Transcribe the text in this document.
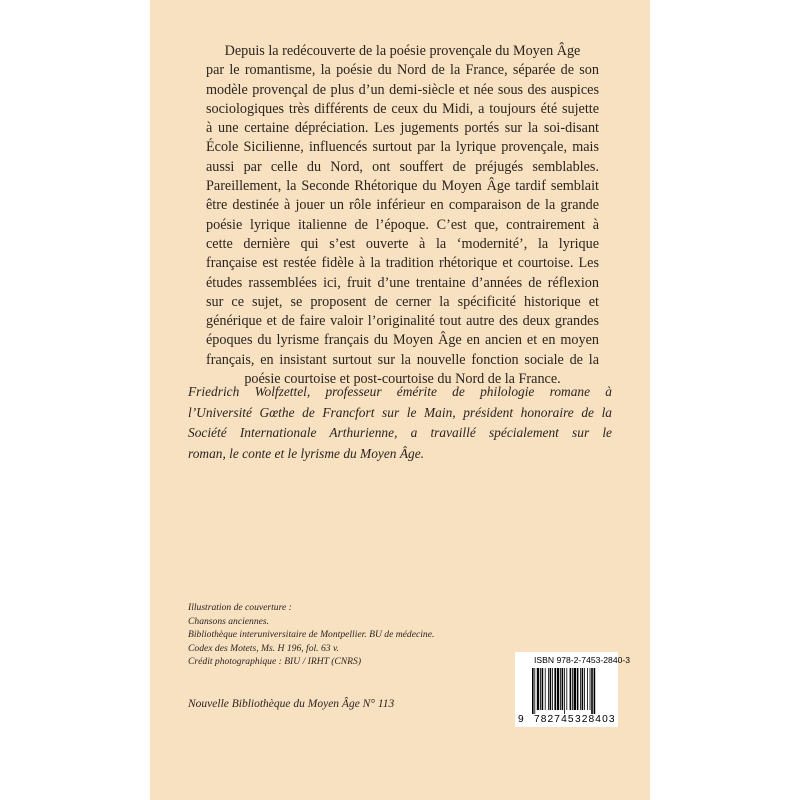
Depuis la redécouverte de la poésie provençale du Moyen Âge
par le romantisme, la poésie du Nord de la France, séparée de son
modèle provençal de plus d’un demi-siècle et née sous des auspices
sociologiques très différents de ceux du Midi, a toujours été sujette
à une certaine dépréciation. Les jugements portés sur la soi-disant
École Sicilienne, influencés surtout par la lyrique provençale, mais
aussi par celle du Nord, ont souffert de préjugés semblables.
Pareillement, la Seconde Rhétorique du Moyen Âge tardif semblait
être destinée à jouer un rôle inférieur en comparaison de la grande
poésie lyrique italienne de l’époque. C’est que, contrairement à
cette dernière qui s’est ouverte à la ‘modernité’, la lyrique
française est restée fidèle à la tradition rhétorique et courtoise. Les
études rassemblées ici, fruit d’une trentaine d’années de réflexion
sur ce sujet, se proposent de cerner la spécificité historique et
générique et de faire valoir l’originalité tout autre des deux grandes
époques du lyrisme français du Moyen Âge en ancien et en moyen
français, en insistant surtout sur la nouvelle fonction sociale de la
poésie courtoise et post-courtoise du Nord de la France.
Friedrich Wolfzettel, professeur émérite de philologie romane à
l’Université Gœthe de Francfort sur le Main, président honoraire de la
Société Internationale Arthurienne, a travaillé spécialement sur le
roman, le conte et le lyrisme du Moyen Âge.
Illustration de couverture :
Chansons anciennes.
Bibliothèque interuniversitaire de Montpellier. BU de médecine.
Codex des Motets, Ms. H 196, fol. 63 v.
Crédit photographique : BIU / IRHT (CNRS)
Nouvelle Bibliothèque du Moyen Âge N° 113
ISBN 978-2-7453-2840-3
9 782745 328403
